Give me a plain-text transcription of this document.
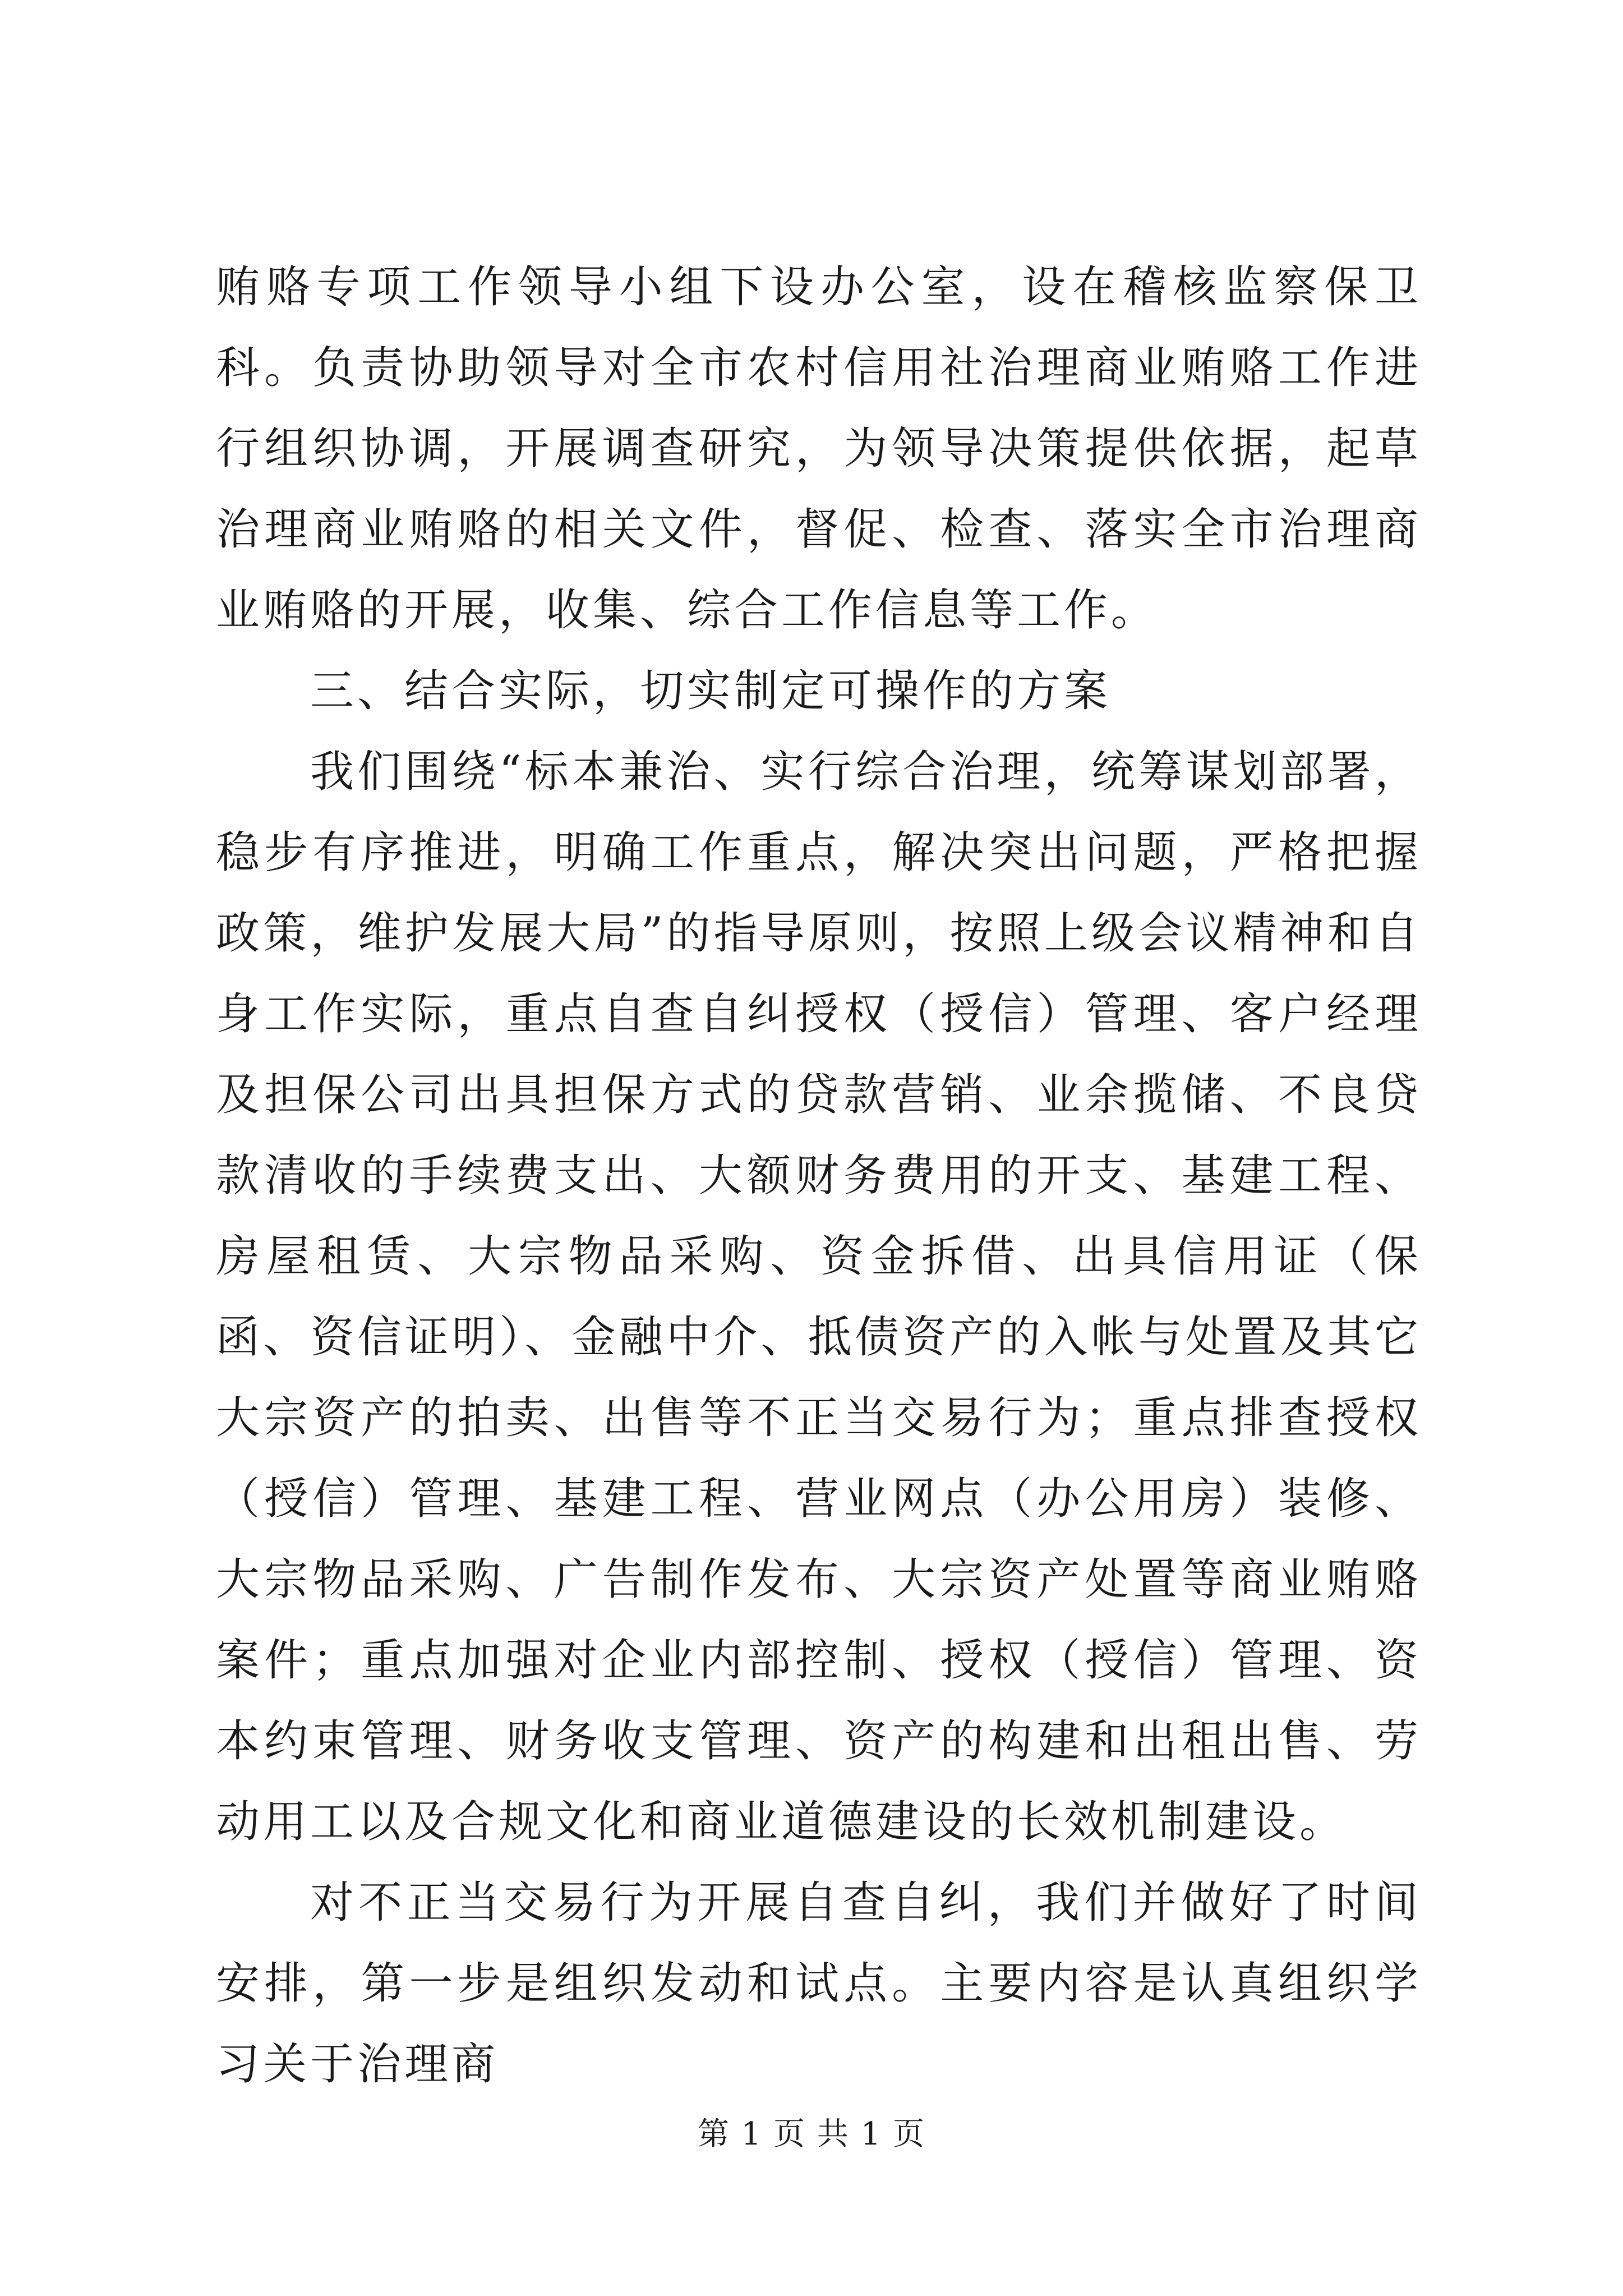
贿赂专项工作领导小组下设办公室，设在稽核监察保卫科。负责协助领导对全市农村信用社治理商业贿赂工作进行组织协调，开展调查研究，为领导决策提供依据，起草治理商业贿赂的相关文件，督促、检查、落实全市治理商业贿赂的开展，收集、综合工作信息等工作。

三、结合实际，切实制定可操作的方案

我们围绕“标本兼治、实行综合治理，统筹谋划部署，稳步有序推进，明确工作重点，解决突出问题，严格把握政策，维护发展大局”的指导原则，按照上级会议精神和自身工作实际，重点自查自纠授权（授信）管理、客户经理及担保公司出具担保方式的贷款营销、业余揽储、不良贷款清收的手续费支出、大额财务费用的开支、基建工程、房屋租赁、大宗物品采购、资金拆借、出具信用证（保函、资信证明）、金融中介、抵债资产的入帐与处置及其它大宗资产的拍卖、出售等不正当交易行为；重点排查授权（授信）管理、基建工程、营业网点（办公用房）装修、大宗物品采购、广告制作发布、大宗资产处置等商业贿赂案件；重点加强对企业内部控制、授权（授信）管理、资本约束管理、财务收支管理、资产的构建和出租出售、劳动用工以及合规文化和商业道德建设的长效机制建设。

对不正当交易行为开展自查自纠，我们并做好了时间安排，第一步是组织发动和试点。主要内容是认真组织学习关于治理商

第 1 页 共 1 页
